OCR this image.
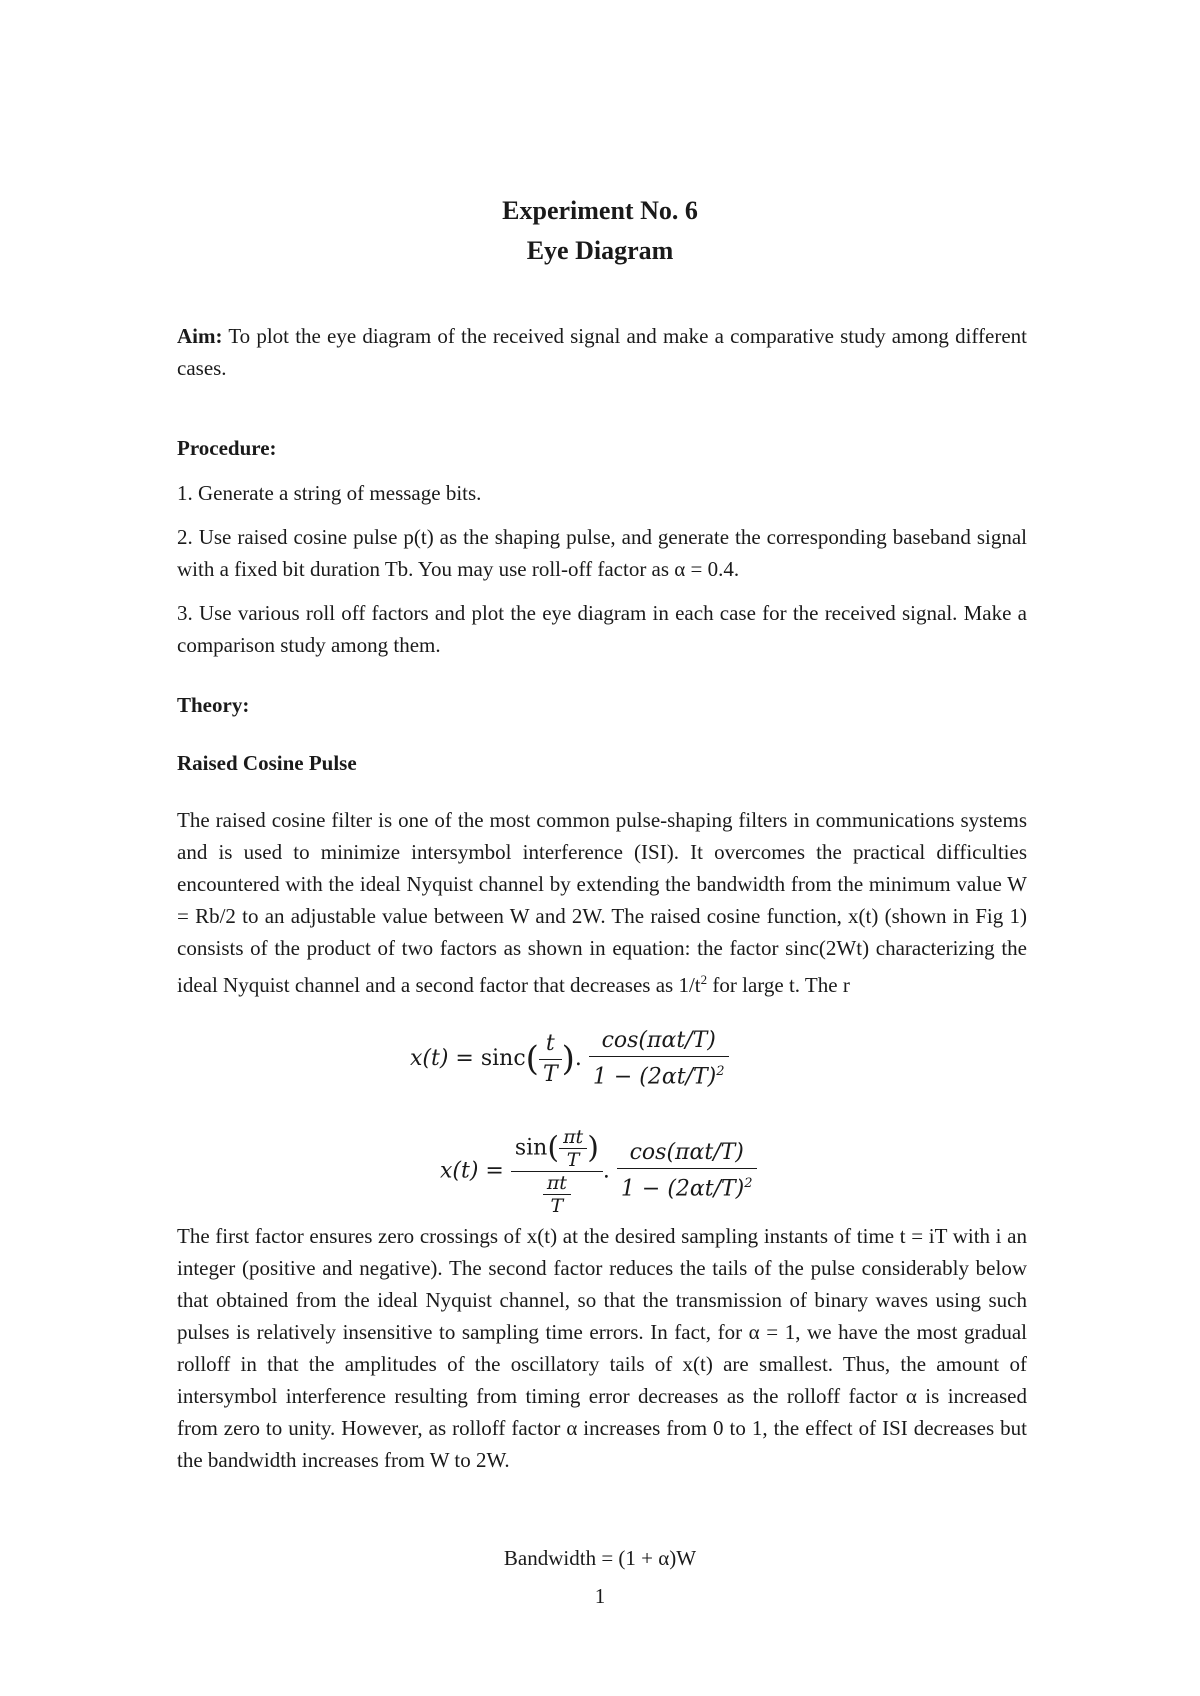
Experiment No. 6
Eye Diagram
Aim: To plot the eye diagram of the received signal and make a comparative study among different cases.
Procedure:
1. Generate a string of message bits.
2. Use raised cosine pulse p(t) as the shaping pulse, and generate the corresponding baseband signal with a fixed bit duration Tb. You may use roll-off factor as α = 0.4.
3. Use various roll off factors and plot the eye diagram in each case for the received signal. Make a comparison study among them.
Theory:
Raised Cosine Pulse
The raised cosine filter is one of the most common pulse-shaping filters in communications systems and is used to minimize intersymbol interference (ISI). It overcomes the practical difficulties encountered with the ideal Nyquist channel by extending the bandwidth from the minimum value W = Rb/2 to an adjustable value between W and 2W. The raised cosine function, x(t) (shown in Fig 1) consists of the product of two factors as shown in equation: the factor sinc(2Wt) characterizing the ideal Nyquist channel and a second factor that decreases as $1/t^2$ for large t. The r
$x(t) = \sin c( \frac{t}{T}$ ). $\frac{\text{cos(παt/T)}}{1 - (2\alpha t/T)^2}$
$x(t) = \frac{\sin( \frac{\pi t}{T} )}{\frac{\pi t}{T}}$ . $\frac{\text{cos(παt/T)}}{1 - (2\alpha t/T)^2}$
The first factor ensures zero crossings of x(t) at the desired sampling instants of time t = iT with i an integer (positive and negative). The second factor reduces the tails of the pulse considerably below that obtained from the ideal Nyquist channel, so that the transmission of binary waves using such pulses is relatively insensitive to sampling time errors. In fact, for α = 1, we have the most gradual rolloff in that the amplitudes of the oscillatory tails of x(t) are smallest. Thus, the amount of intersymbol interference resulting from timing error decreases as the rolloff factor α is increased from zero to unity. However, as rolloff factor α increases from 0 to 1, the effect of ISI decreases but the bandwidth increases from W to 2W.
Bandwidth = (1 + α)W
1
